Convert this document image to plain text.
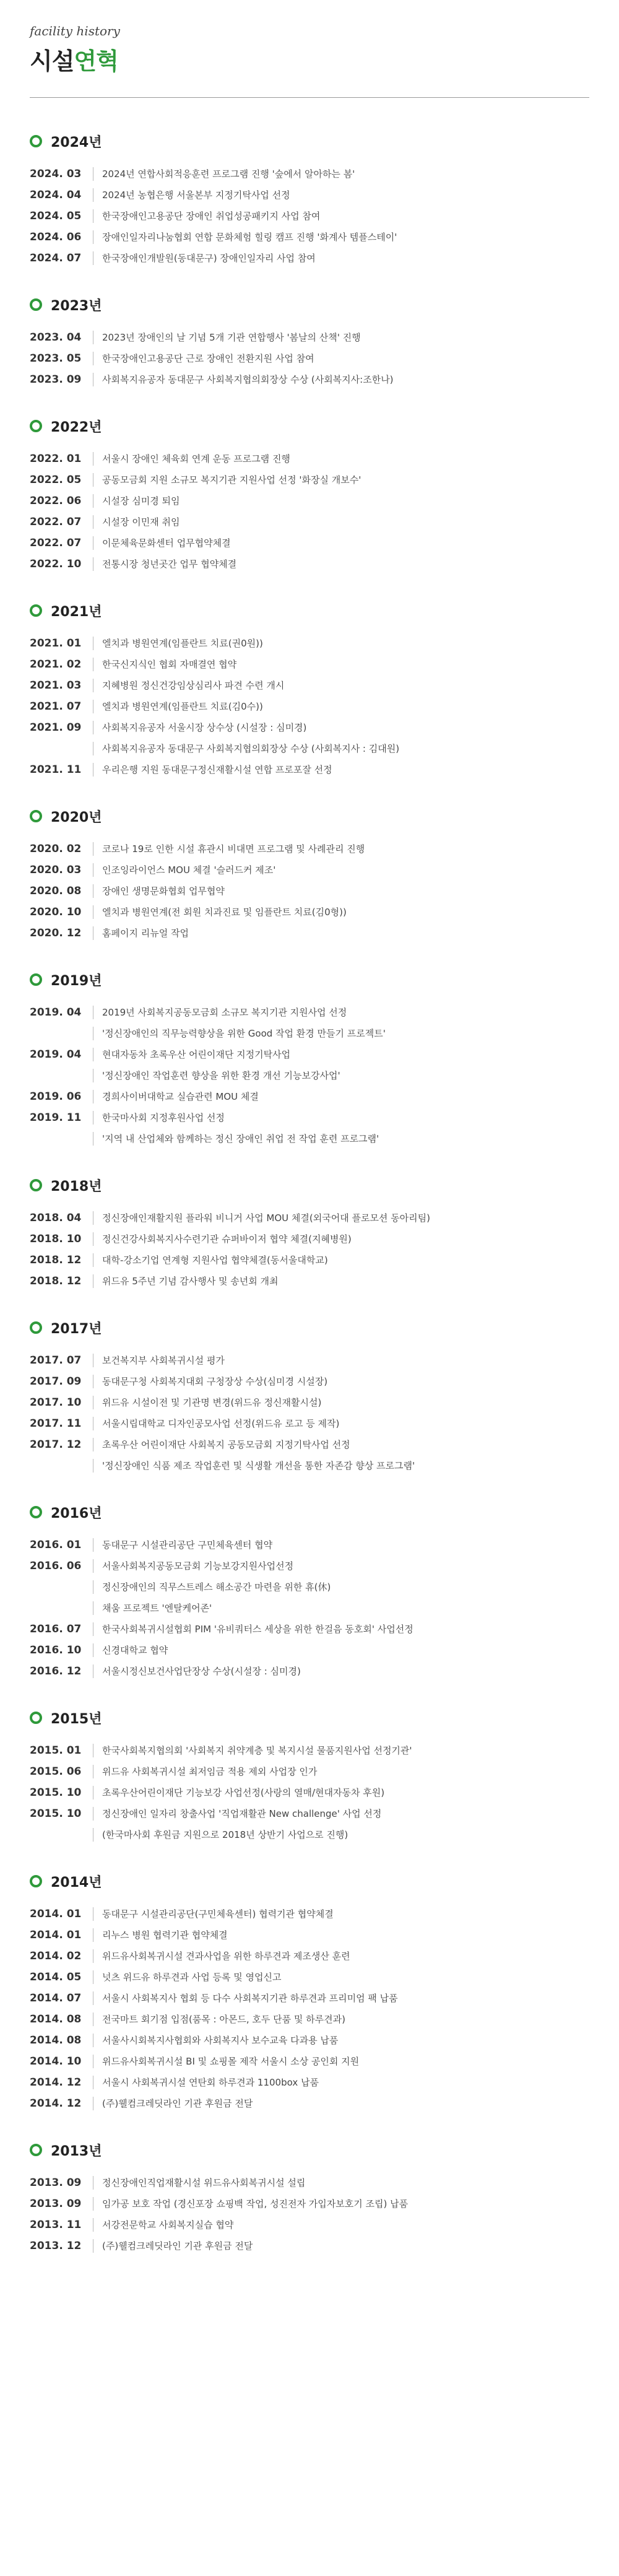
facility history

시설연혁
2024년
2024. 03	2024년 연합사회적응훈련 프로그램 진행 '숲에서 알아하는 봄'
2024. 04	2024년 농협은행 서울본부 지정기탁사업 선정
2024. 05	한국장애인고용공단 장애인 취업성공패키지 사업 참여
2024. 06	장애인일자리나눔협회 연합 문화체험 힐링 캠프 진행 '화계사 템플스테이'
2024. 07	한국장애인개발원(동대문구) 장애인일자리 사업 참여
2023년
2023. 04	2023년 장애인의 날 기념 5개 기관 연합행사 '봄날의 산책' 진행
2023. 05	한국장애인고용공단 근로 장애인 전환지원 사업 참여
2023. 09	사회복지유공자 동대문구 사회복지협의회장상 수상 (사회복지사:조한나)
2022년
2022. 01	서울시 장애인 체육회 연계 운동 프로그램 진행
2022. 05	공동모금회 지원 소규모 복지기관 지원사업 선정 '화장실 개보수'
2022. 06	시설장 심미경 퇴임
2022. 07	시설장 이민재 취임
2022. 07	이문체육문화센터 업무협약체결
2022. 10	전통시장 청년곳간 업무 협약체결
2021년
2021. 01	엘치과 병원연계(임플란트 치료(권0원))
2021. 02	한국신지식인 협회 자매결연 협약
2021. 03	지혜병원 정신건강임상심리사 파견 수련 개시
2021. 07	엘치과 병원연계(임플란트 치료(김0수))
2021. 09	사회복지유공자 서울시장 상수상 (시설장 : 심미경)
사회복지유공자 동대문구 사회복지협의회장상 수상 (사회복지사 : 김대원)
2021. 11	우리은행 지원 동대문구정신재활시설 연합 프로포잘 선정
2020년
2020. 02	코로나 19로 인한 시설 휴관시 비대면 프로그램 및 사례관리 진행
2020. 03	인조잉라이언스 MOU 체결 '슬러드커 제조'
2020. 08	장애인 생명문화협회 업무협약
2020. 10	엘치과 병원연계(전 회원 치과진료 및 임플란트 치료(김0형))
2020. 12	홈페이지 리뉴얼 작업
2019년
2019. 04	2019년 사회복지공동모금회 소규모 복지기관 지원사업 선정
'정신장애인의 직무능력향상을 위한 Good 작업 환경 만들기 프로젝트'
2019. 04	현대자동차 초록우산 어린이재단 지정기탁사업
'정신장애인 작업훈련 향상을 위한 환경 개선 기능보강사업'
2019. 06	경희사이버대학교 실습관련 MOU 체결
2019. 11	한국마사회 지정후원사업 선정
'지역 내 산업체와 함께하는 정신 장애인 취업 전 작업 훈련 프로그램'
2018년
2018. 04	정신장애인재활지원 플라워 비니거 사업 MOU 체결(외국어대 플로모션 동아리팀)
2018. 10	정신건강사회복지사수련기관 슈퍼바이저 협약 체결(지혜병원)
2018. 12	대학-강소기업 연계형 지원사업 협약체결(동서울대학교)
2018. 12	위드유 5주년 기념 감사행사 및 송년회 개최
2017년
2017. 07	보건복지부 사회복귀시설 평가
2017. 09	동대문구청 사회복지대회 구청장상 수상(심미경 시설장)
2017. 10	위드유 시설이전 및 기관명 변경(위드유 정신재활시설)
2017. 11	서울시립대학교 디자인공모사업 선정(위드유 로고 등 제작)
2017. 12	초록우산 어린이재단 사회복지 공동모금회 지정기탁사업 선정
'정신장애인 식품 제조 작업훈련 및 식생활 개선을 통한 자존감 향상 프로그램'
2016년
2016. 01	동대문구 시설관리공단 구민체육센터 협약
2016. 06	서울사회복지공동모금회 기능보강지원사업선정
정신장애인의 직무스트레스 해소공간 마련을 위한 휴(休)
채움 프로젝트 '엔탈케어존'
2016. 07	한국사회복귀시설협회 PIM '유비쿼터스 세상을 위한 한걸음 동호회' 사업선정
2016. 10	신경대학교 협약
2016. 12	서울시정신보건사업단장상 수상(시설장 : 심미경)
2015년
2015. 01	한국사회복지협의회 '사회복지 취약계층 및 복지시설 물품지원사업 선정기관'
2015. 06	위드유 사회복귀시설 최저임금 적용 제외 사업장 인가
2015. 10	초록우산어린이재단 기능보강 사업선정(사랑의 열매/현대자동차 후원)
2015. 10	정신장애인 일자리 창출사업 '직업재활관 New challenge' 사업 선정
(한국마사회 후원금 지원으로 2018년 상반기 사업으로 진행)
2014년
2014. 01	동대문구 시설관리공단(구민체육센터) 협력기관 협약체결
2014. 01	리누스 병원 협력기관 협약체결
2014. 02	위드유사회복귀시설 견과사업을 위한 하루견과 제조생산 훈련
2014. 05	넛츠 위드유 하루견과 사업 등록 및 영업신고
2014. 07	서울시 사회복지사 협회 등 다수 사회복지기관 하루견과 프리미엄 팩 납품
2014. 08	전국마트 회기점 입점(품목 : 아몬드, 호두 단품 및 하루견과)
2014. 08	서울사시회복지사협회와 사회복지사 보수교육 다과용 납품
2014. 10	위드유사회복귀시설 BI 및 쇼핑몰 제작 서울시 소상 공인회 지원
2014. 12	서울시 사회복귀시설 연탄회 하루견과 1100box 납품
2014. 12	(주)웰컴크레딧라인 기관 후원금 전달
2013년
2013. 09	정신장애인직업재활시설 위드유사회복귀시설 설립
2013. 09	임가공 보호 작업 (경신포장 쇼핑백 작업, 성진전자 가입자보호기 조립) 납품
2013. 11	서강전문학교 사회복지실습 협약
2013. 12	(주)웰컴크레딧라인 기관 후원금 전달
